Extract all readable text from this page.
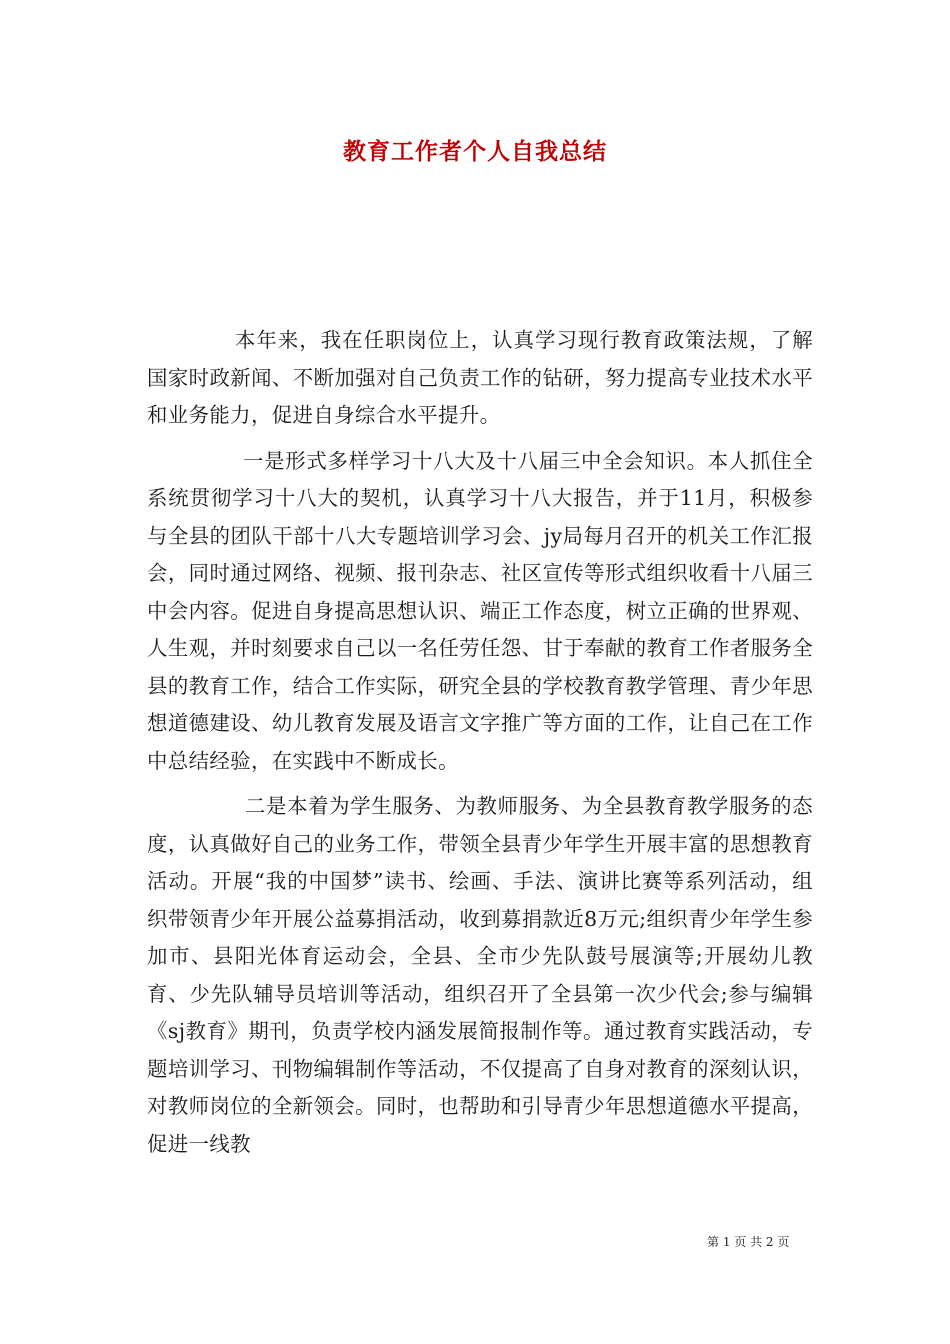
教育工作者个人自我总结

本年来，我在任职岗位上，认真学习现行教育政策法规，了解国家时政新闻、不断加强对自己负责工作的钻研，努力提高专业技术水平和业务能力，促进自身综合水平提升。

一是形式多样学习十八大及十八届三中全会知识。本人抓住全系统贯彻学习十八大的契机，认真学习十八大报告，并于11月，积极参与全县的团队干部十八大专题培训学习会、jy局每月召开的机关工作汇报会，同时通过网络、视频、报刊杂志、社区宣传等形式组织收看十八届三中会内容。促进自身提高思想认识、端正工作态度，树立正确的世界观、人生观，并时刻要求自己以一名任劳任怨、甘于奉献的教育工作者服务全县的教育工作，结合工作实际，研究全县的学校教育教学管理、青少年思想道德建设、幼儿教育发展及语言文字推广等方面的工作，让自己在工作中总结经验，在实践中不断成长。

二是本着为学生服务、为教师服务、为全县教育教学服务的态度，认真做好自己的业务工作，带领全县青少年学生开展丰富的思想教育活动。开展“我的中国梦”读书、绘画、手法、演讲比赛等系列活动，组织带领青少年开展公益募捐活动，收到募捐款近8万元;组织青少年学生参加市、县阳光体育运动会，全县、全市少先队鼓号展演等;开展幼儿教育、少先队辅导员培训等活动，组织召开了全县第一次少代会;参与编辑《sj教育》期刊，负责学校内涵发展简报制作等。通过教育实践活动，专题培训学习、刊物编辑制作等活动，不仅提高了自身对教育的深刻认识，对教师岗位的全新领会。同时，也帮助和引导青少年思想道德水平提高，促进一线教

第 1 页 共 2 页
